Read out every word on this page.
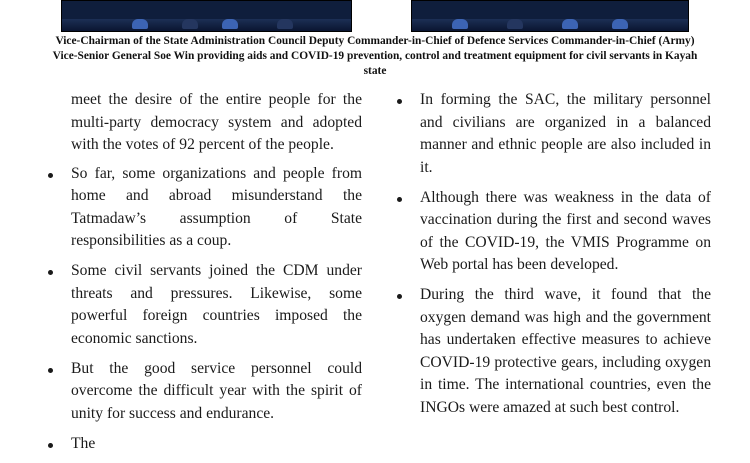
Vice-Chairman of the State Administration Council Deputy Commander-in-Chief of Defence Services Commander-in-Chief (Army) Vice-Senior General Soe Win providing aids and COVID-19 prevention, control and treatment equipment for civil servants in Kayah state
meet the desire of the entire people for the multi-party democracy system and adopted with the votes of 92 percent of the people.
So far, some organizations and people from home and abroad misunderstand the Tatmadaw’s assumption of State responsibilities as a coup.
Some civil servants joined the CDM under threats and pressures. Likewise, some powerful foreign countries imposed the economic sanctions.
But the good service personnel could overcome the difficult year with the spirit of unity for success and endurance.
The
In forming the SAC, the military personnel and civilians are organized in a balanced manner and ethnic people are also included in it.
Although there was weakness in the data of vaccination during the first and second waves of the COVID-19, the VMIS Programme on Web portal has been developed.
During the third wave, it found that the oxygen demand was high and the government has undertaken effective measures to achieve COVID-19 protective gears, including oxygen in time. The international countries, even the INGOs were amazed at such best control.
